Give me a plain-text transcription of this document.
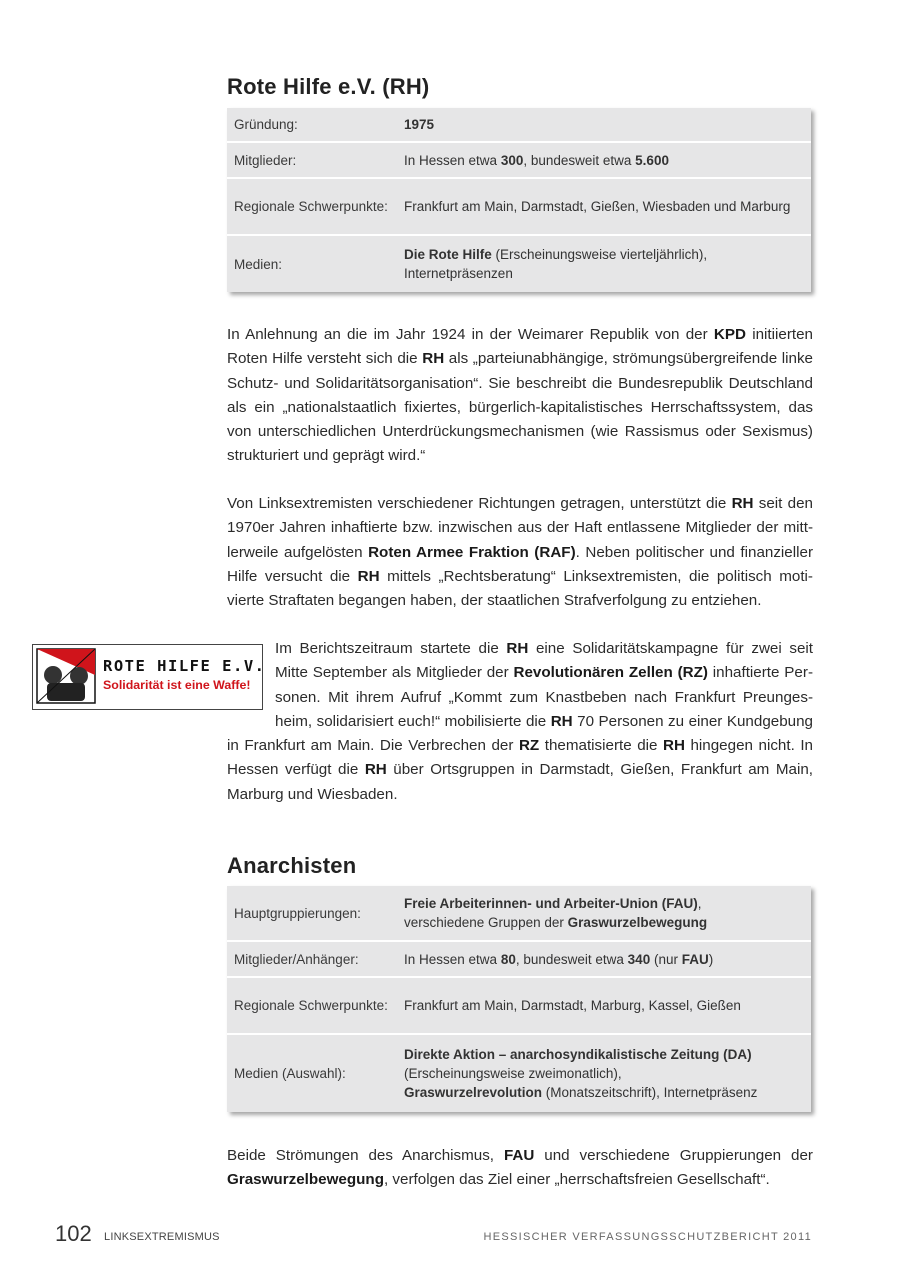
Rote Hilfe e.V. (RH)
Gründung:	1975
Mitglieder:	In Hessen etwa 300, bundesweit etwa 5.600
Regionale Schwerpunkte:	Frankfurt am Main, Darmstadt, Gießen, Wiesbaden und Marburg
Medien:	Die Rote Hilfe (Erscheinungsweise vierteljährlich), Internetpräsenzen

In Anlehnung an die im Jahr 1924 in der Weimarer Republik von der KPD initiierten Roten Hilfe versteht sich die RH als „parteiunabhängige, strömungsübergreifende linke Schutz- und Solidaritätsorganisation“. Sie beschreibt die Bundesrepublik Deutschland als ein „nationalstaatlich fixiertes, bürgerlich-kapitalistisches Herrschaftssystem, das von unterschiedlichen Unterdrückungsmechanismen (wie Rassismus oder Sexismus) strukturiert und geprägt wird.“

Von Linksextremisten verschiedener Richtungen getragen, unterstützt die RH seit den 1970er Jahren inhaftierte bzw. inzwischen aus der Haft entlassene Mitglieder der mittlerweile aufgelösten Roten Armee Fraktion (RAF). Neben politischer und finanzieller Hilfe versucht die RH mittels „Rechtsberatung“ Linksextremisten, die politisch motivierte Straftaten begangen haben, der staatlichen Strafverfolgung zu entziehen.

ROTE HILFE E.V.
Solidarität ist eine Waffe!

Im Berichtszeitraum startete die RH eine Solidaritätskampagne für zwei seit Mitte September als Mitglieder der Revolutionären Zellen (RZ) inhaftierte Personen. Mit ihrem Aufruf „Kommt zum Knastbeben nach Frankfurt Preungesheim, solidarisiert euch!“ mobilisierte die RH 70 Personen zu einer Kundgebung in Frankfurt am Main. Die Verbrechen der RZ thematisierte die RH hingegen nicht. In Hessen verfügt die RH über Ortsgruppen in Darmstadt, Gießen, Frankfurt am Main, Marburg und Wiesbaden.

Anarchisten
Hauptgruppierungen:	Freie Arbeiterinnen- und Arbeiter-Union (FAU),
verschiedene Gruppen der Graswurzelbewegung
Mitglieder/Anhänger:	In Hessen etwa 80, bundesweit etwa 340 (nur FAU)
Regionale Schwerpunkte:	Frankfurt am Main, Darmstadt, Marburg, Kassel, Gießen
Medien (Auswahl):	Direkte Aktion – anarchosyndikalistische Zeitung (DA)
(Erscheinungsweise zweimonatlich),
Graswurzelrevolution (Monatszeitschrift), Internetpräsenz

Beide Strömungen des Anarchismus, FAU und verschiedene Gruppierungen der Graswurzelbewegung, verfolgen das Ziel einer „herrschaftsfreien Gesellschaft“.

102 LINKSEXTREMISMUS	HESSISCHER VERFASSUNGSSCHUTZBERICHT 2011
